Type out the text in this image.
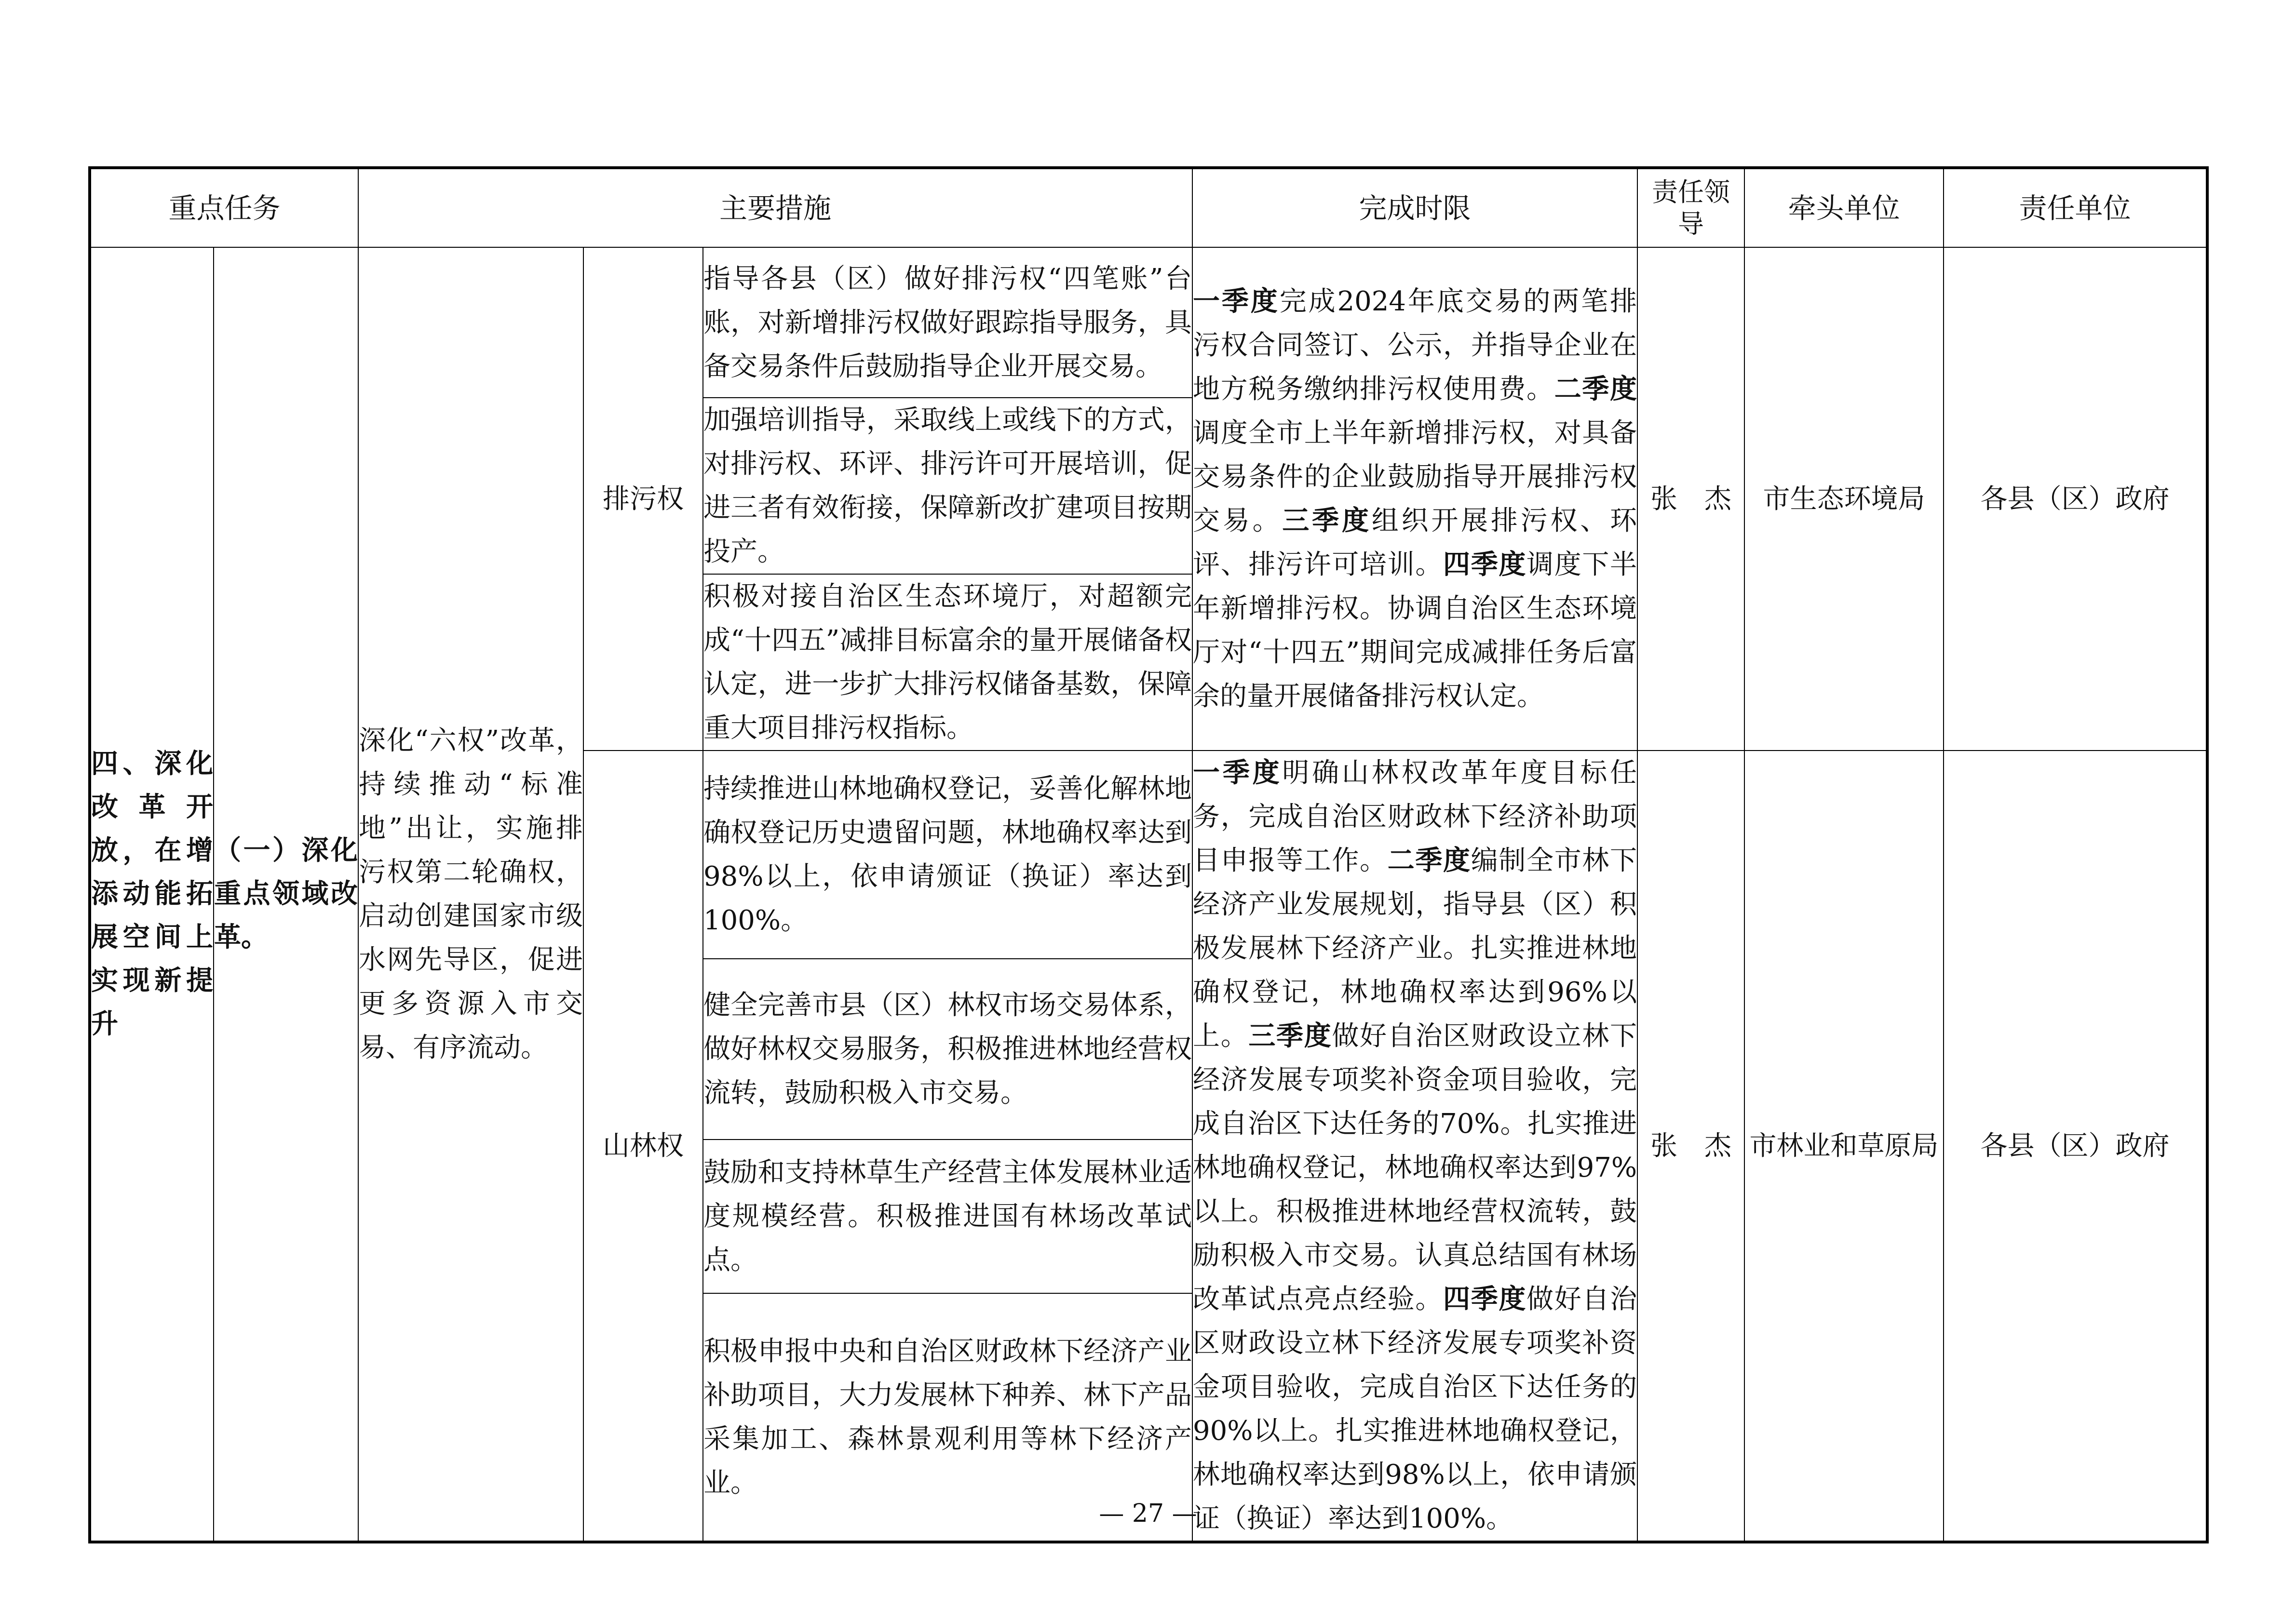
重点任务		主要措施			完成时限	责任领导	牵头单位	责任单位
四、深化改革开放，在增添动能拓展空间上实现新提升	（一）深化重点领域改革。	深化“六权”改革，持续推动“标准地”出让，实施排污权第二轮确权，启动创建国家市级水网先导区，促进更多资源入市交易、有序流动。	排污权	指导各县（区）做好排污权“四笔账”台账，对新增排污权做好跟踪指导服务，具备交易条件后鼓励指导企业开展交易。	一季度完成2024年底交易的两笔排污权合同签订、公示，并指导企业在地方税务缴纳排污权使用费。二季度调度全市上半年新增排污权，对具备交易条件的企业鼓励指导开展排污权交易。三季度组织开展排污权、环评、排污许可培训。四季度调度下半年新增排污权。协调自治区生态环境厅对“十四五”期间完成减排任务后富余的量开展储备排污权认定。	张　杰	市生态环境局	各县（区）政府
				加强培训指导，采取线上或线下的方式，对排污权、环评、排污许可开展培训，促进三者有效衔接，保障新改扩建项目按期投产。				
				积极对接自治区生态环境厅，对超额完成“十四五”减排目标富余的量开展储备权认定，进一步扩大排污权储备基数，保障重大项目排污权指标。				
			山林权	持续推进山林地确权登记，妥善化解林地确权登记历史遗留问题，林地确权率达到98%以上，依申请颁证（换证）率达到100%。	一季度明确山林权改革年度目标任务，完成自治区财政林下经济补助项目申报等工作。二季度编制全市林下经济产业发展规划，指导县（区）积极发展林下经济产业。扎实推进林地确权登记，林地确权率达到96%以上。三季度做好自治区财政设立林下经济发展专项奖补资金项目验收，完成自治区下达任务的70%。扎实推进林地确权登记，林地确权率达到97%以上。积极推进林地经营权流转，鼓励积极入市交易。认真总结国有林场改革试点亮点经验。四季度做好自治区财政设立林下经济发展专项奖补资金项目验收，完成自治区下达任务的90%以上。扎实推进林地确权登记，林地确权率达到98%以上，依申请颁证（换证）率达到100%。	张　杰	市林业和草原局	各县（区）政府
				健全完善市县（区）林权市场交易体系，做好林权交易服务，积极推进林地经营权流转，鼓励积极入市交易。				
				鼓励和支持林草生产经营主体发展林业适度规模经营。积极推进国有林场改革试点。				
				积极申报中央和自治区财政林下经济产业补助项目，大力发展林下种养、林下产品采集加工、森林景观利用等林下经济产业。				
— 27 —
